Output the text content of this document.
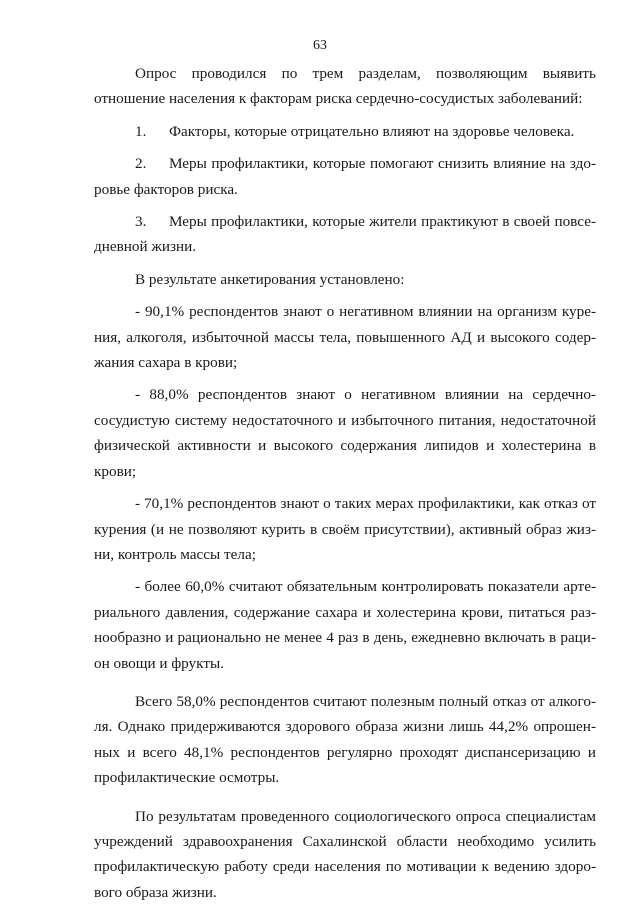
63

Опрос проводился по трем разделам, позволяющим выявить отношение населения к факторам риска сердечно-сосудистых заболеваний:

1. Факторы, которые отрицательно влияют на здоровье человека.

2. Меры профилактики, которые помогают снизить влияние на здоровье факторов риска.

3. Меры профилактики, которые жители практикуют в своей повседневной жизни.

В результате анкетирования установлено:

- 90,1% респондентов знают о негативном влиянии на организм курения, алкоголя, избыточной массы тела, повышенного АД и высокого содержания сахара в крови;

- 88,0% респондентов знают о негативном влиянии на сердечно-сосудистую систему недостаточного и избыточного питания, недостаточной физической активности и высокого содержания липидов и холестерина в крови;

- 70,1% респондентов знают о таких мерах профилактики, как отказ от курения (и не позволяют курить в своём присутствии), активный образ жизни, контроль массы тела;

- более 60,0% считают обязательным контролировать показатели артериального давления, содержание сахара и холестерина крови, питаться разнообразно и рационально не менее 4 раз в день, ежедневно включать в рацион овощи и фрукты.

Всего 58,0% респондентов считают полезным полный отказ от алкоголя. Однако придерживаются здорового образа жизни лишь 44,2% опрошенных и всего 48,1% респондентов регулярно проходят диспансеризацию и профилактические осмотры.

По результатам проведенного социологического опроса специалистам учреждений здравоохранения Сахалинской области необходимо усилить профилактическую работу среди населения по мотивации к ведению здорового образа жизни.
